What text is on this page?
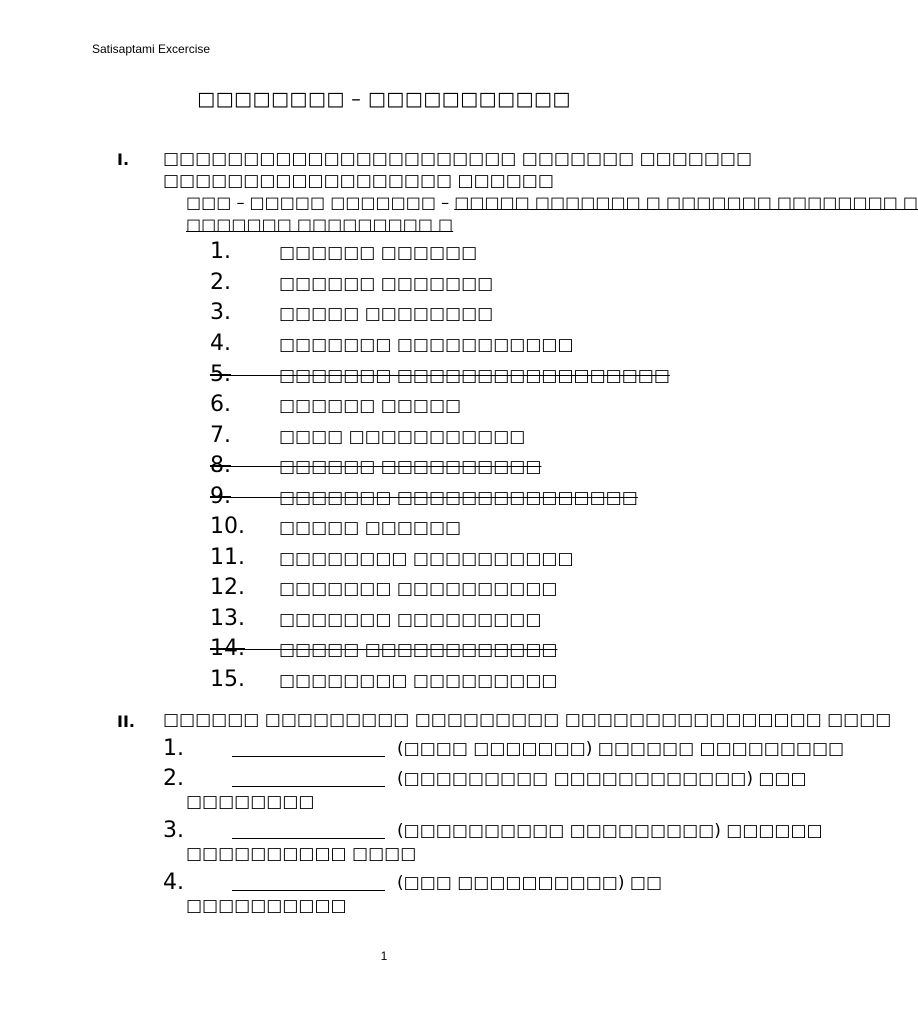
Satisaptami Excercise
□□□□□□□□ – □□□□□□□□□□□
I. □□□□□□□□□□□□□□□□□□□□□□ □□□□□□□ □□□□□□□
□□□□□□□□□□□□□□□□□□ □□□□□□
□□□ – □□□□□ □□□□□□□ – □□□□□ □□□□□□□ □ □□□□□□□ □□□□□□□□ □
□□□□□□□ □□□□□□□□□ □
1.	□□□□□□ □□□□□□
2.	□□□□□□ □□□□□□□
3.	□□□□□ □□□□□□□□
4.	□□□□□□□ □□□□□□□□□□□
5.	□□□□□□□ □□□□□□□□□□□□□□□□□
6.	□□□□□□ □□□□□
7.	□□□□ □□□□□□□□□□□
8.	□□□□□□ □□□□□□□□□□
9.	□□□□□□□ □□□□□□□□□□□□□□□
10. □□□□□ □□□□□□
11. □□□□□□□□ □□□□□□□□□□
12. □□□□□□□ □□□□□□□□□□
13. □□□□□□□ □□□□□□□□□
14. □□□□□ □□□□□□□□□□□□
15. □□□□□□□□ □□□□□□□□□
II. □□□□□□ □□□□□□□□□ □□□□□□□□□ □□□□□□□□□□□□□□□□ □□□□
1.	(□□□□ □□□□□□□) □□□□□□ □□□□□□□□□
2.	(□□□□□□□□□ □□□□□□□□□□□□) □□□
□□□□□□□□
3.	(□□□□□□□□□□ □□□□□□□□□) □□□□□□
□□□□□□□□□□ □□□□
4.	(□□□ □□□□□□□□□□) □□
□□□□□□□□□□
1
